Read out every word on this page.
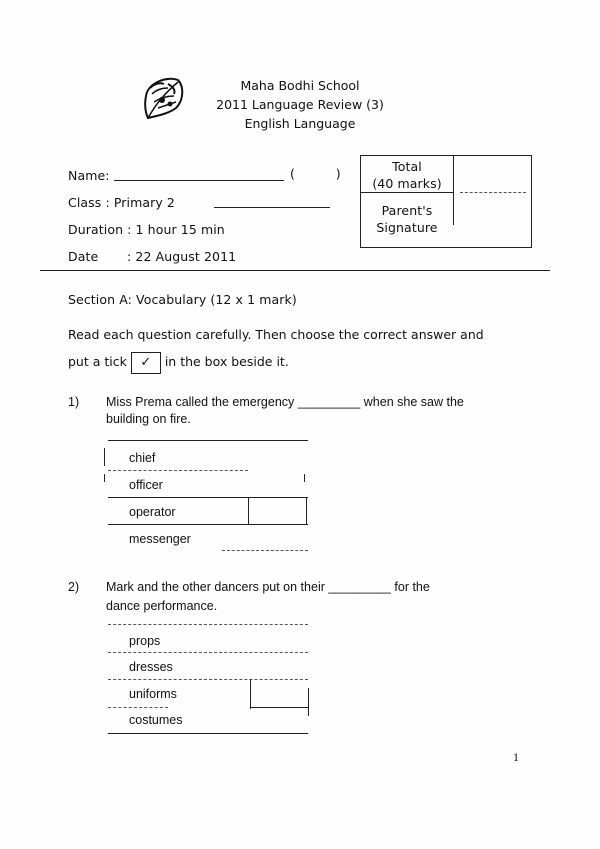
Maha Bodhi School
2011 Language Review (3)
English Language
Name:	(          )
Class : Primary 2
Duration : 1 hour 15 min
Date : 22 August 2011
Total
(40 marks)
Parent's
Signature
Section A: Vocabulary (12 x 1 mark)
Read each question carefully. Then choose the correct answer and
put a tick ✓ in the box beside it.
1) Miss Prema called the emergency _________ when she saw the
building on fire.
chief
officer
operator
messenger
2) Mark and the other dancers put on their _________ for the
dance performance.
props
dresses
uniforms
costumes
1
